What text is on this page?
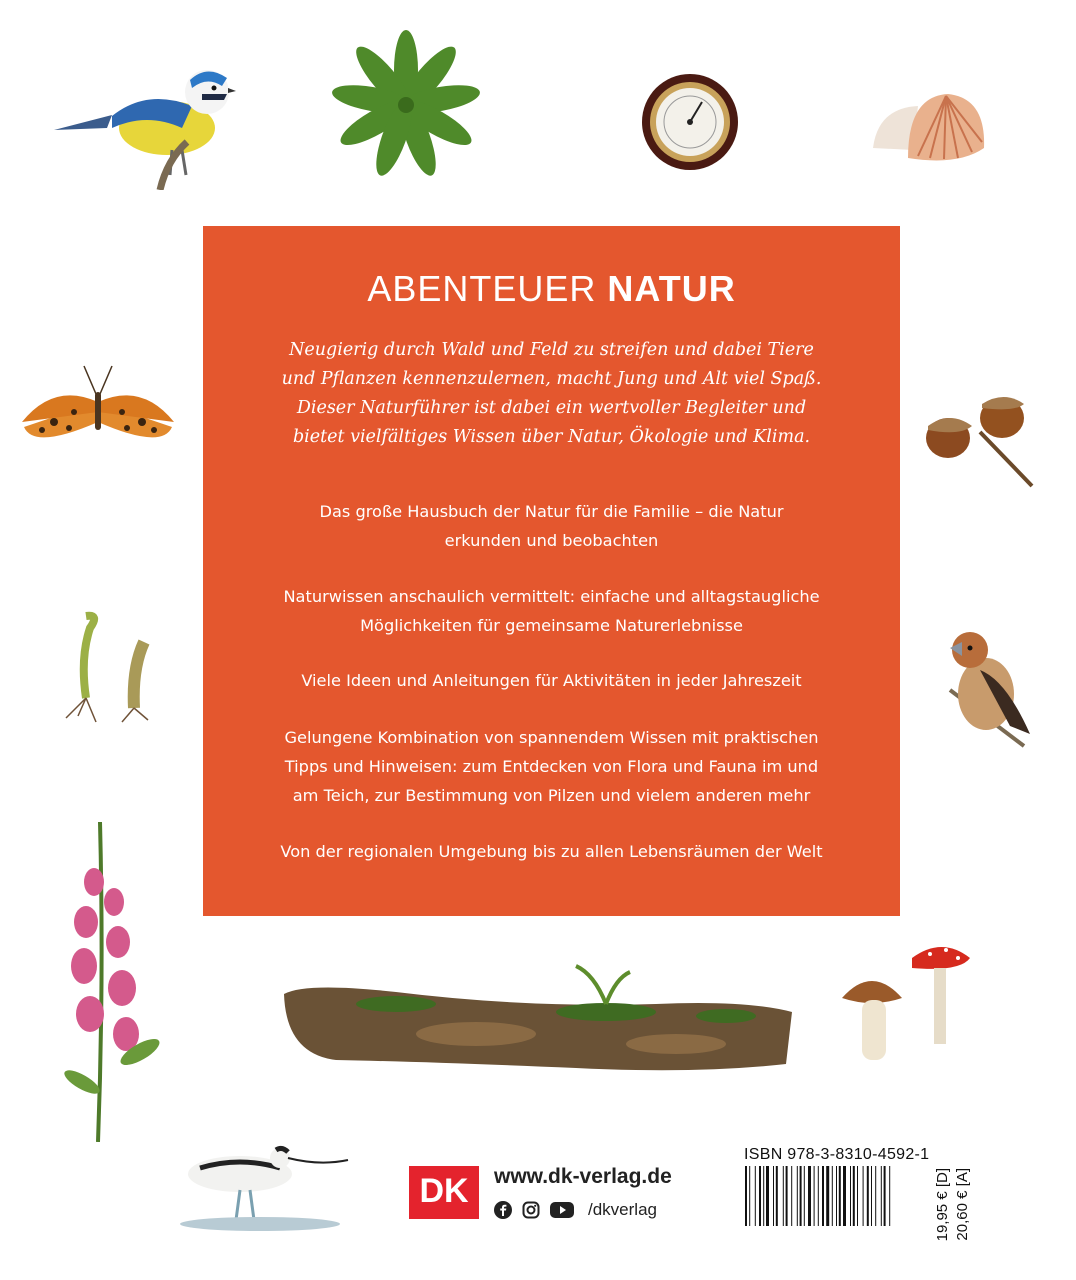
ABENTEUER NATUR
Neugierig durch Wald und Feld zu streifen und dabei Tiere
und Pflanzen kennenzulernen, macht Jung und Alt viel Spaß.
Dieser Naturführer ist dabei ein wertvoller Begleiter und
bietet vielfältiges Wissen über Natur, Ökologie und Klima.
Das große Hausbuch der Natur für die Familie – die Natur
erkunden und beobachten
Naturwissen anschaulich vermittelt: einfache und alltagstaugliche
Möglichkeiten für gemeinsame Naturerlebnisse
Viele Ideen und Anleitungen für Aktivitäten in jeder Jahreszeit
Gelungene Kombination von spannendem Wissen mit praktischen
Tipps und Hinweisen: zum Entdecken von Flora und Fauna im und
am Teich, zur Bestimmung von Pilzen und vielem anderen mehr
Von der regionalen Umgebung bis zu allen Lebensräumen der Welt
DK	www.dk-verlag.de
/dkverlag
ISBN 978-3-8310-4592-1
19,95 € [D] 20,60 € [A]
